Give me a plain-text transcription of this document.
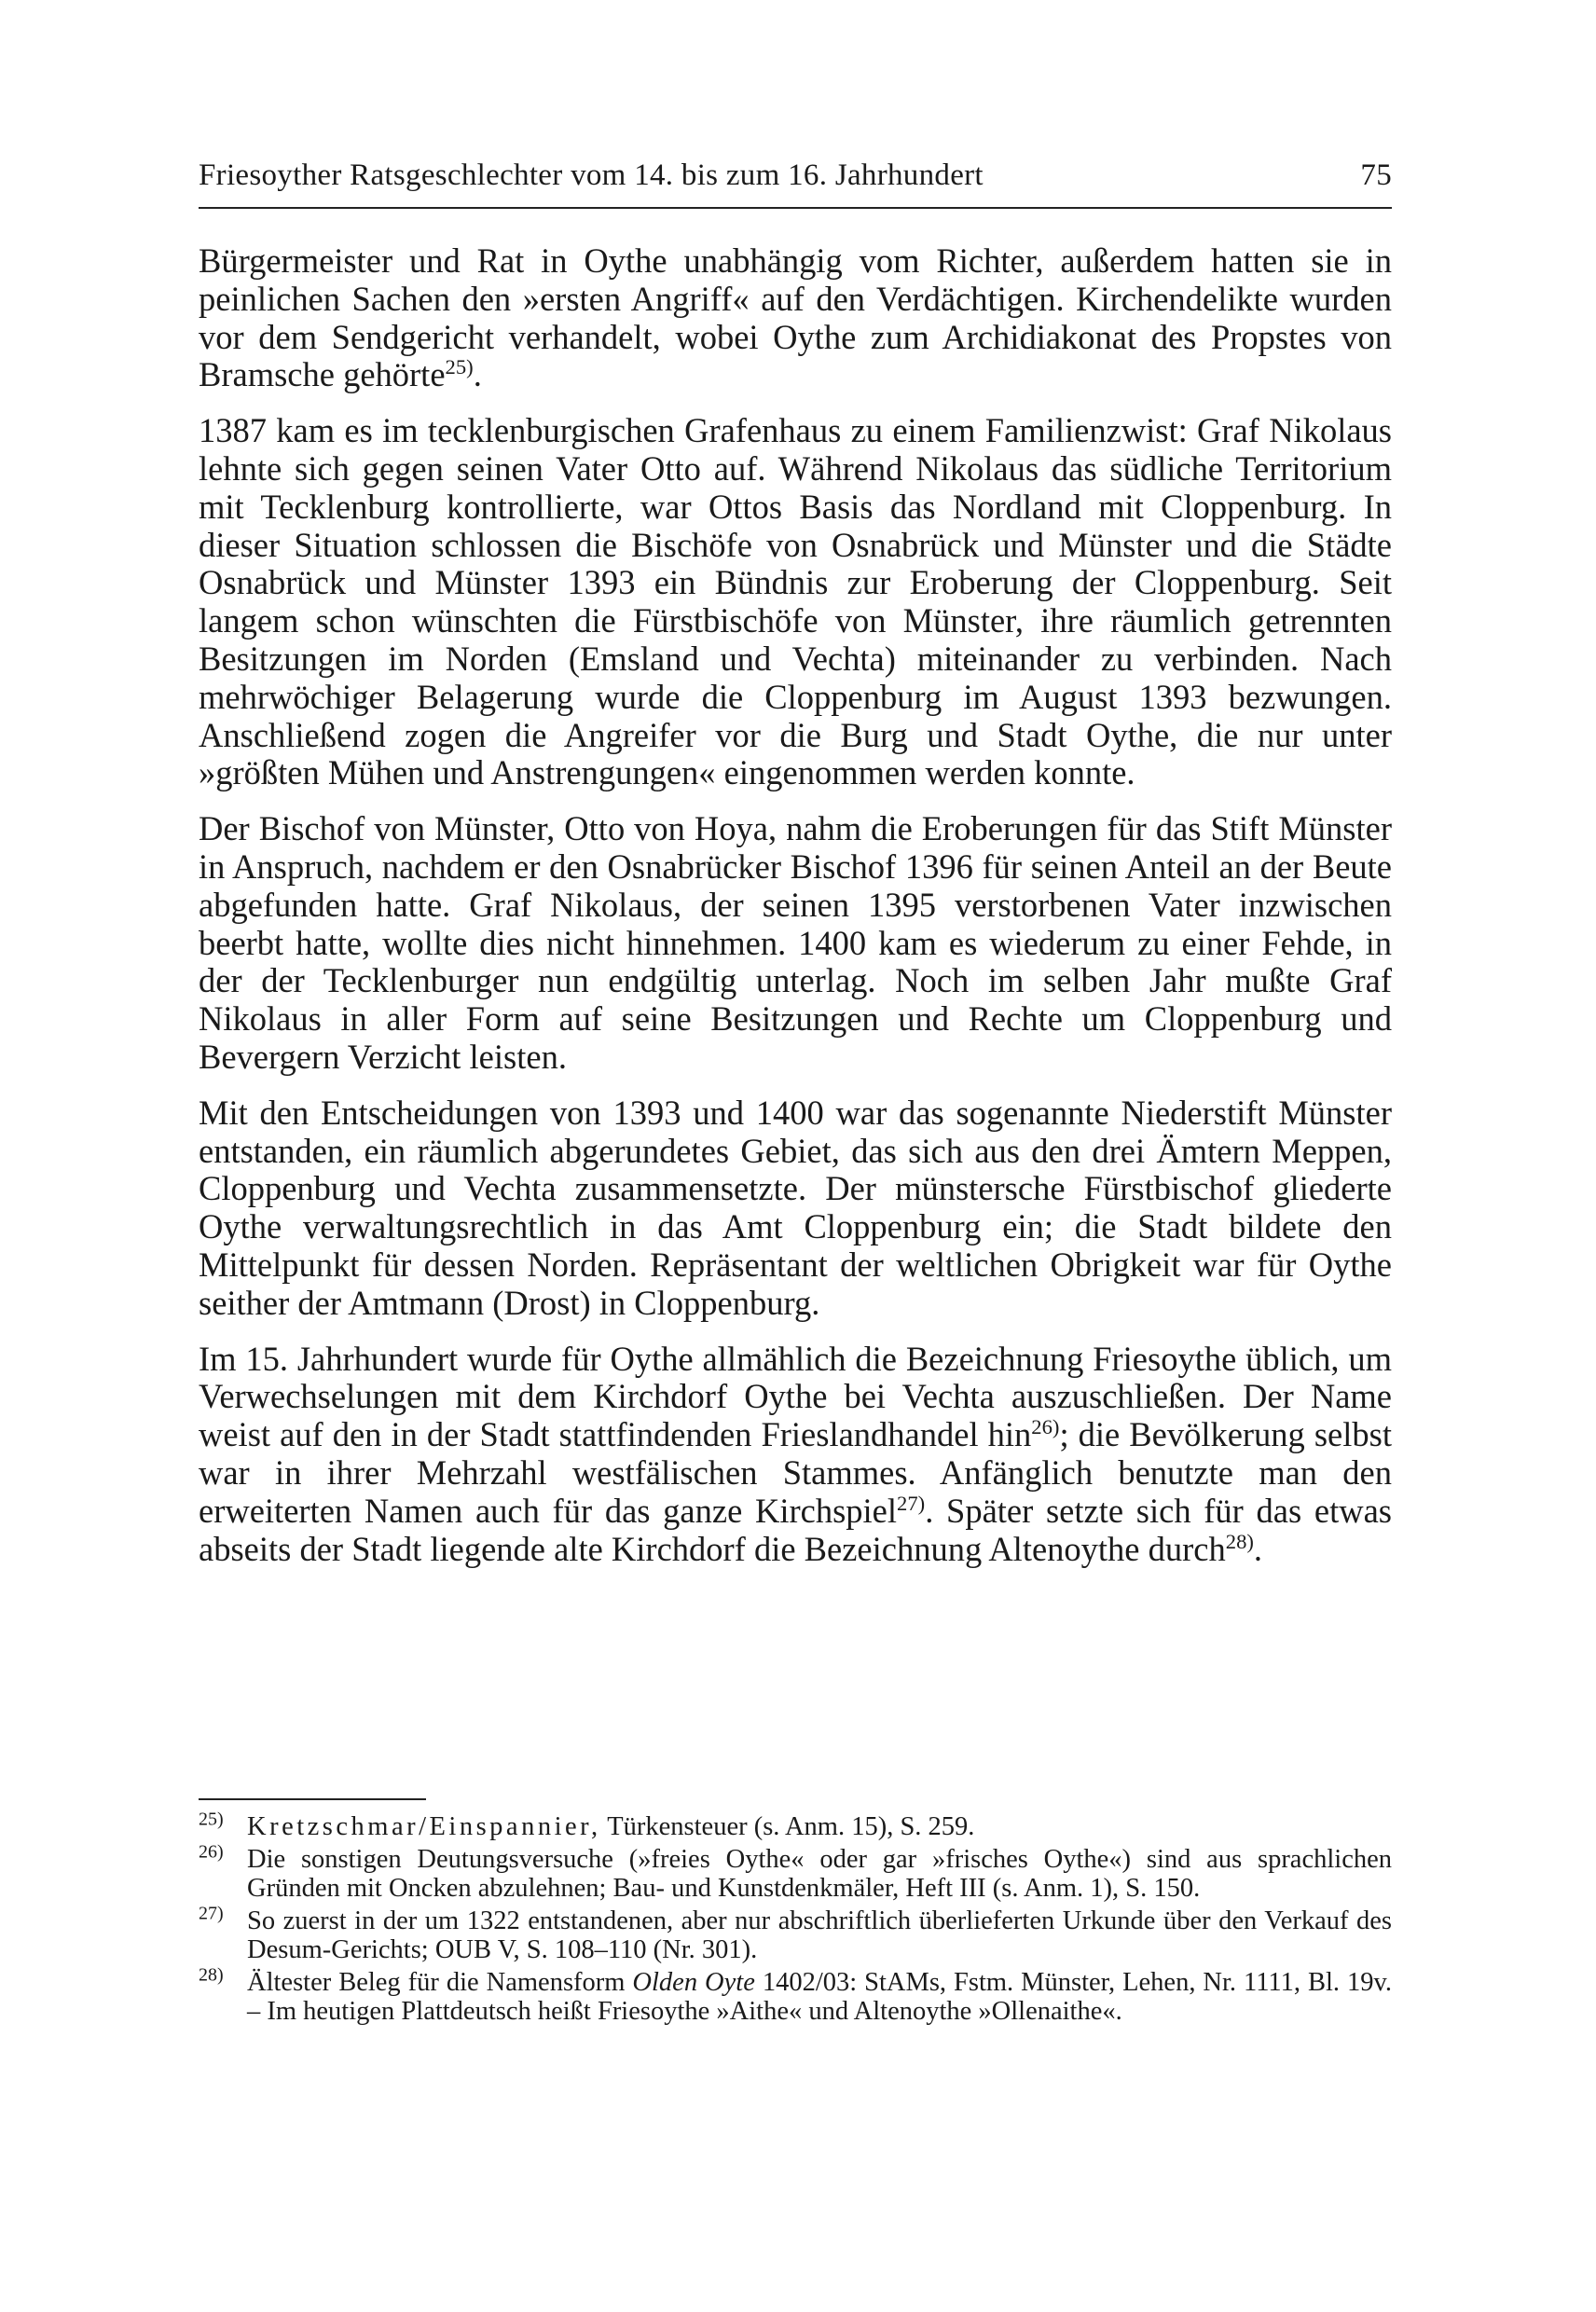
Friesoyther Ratsgeschlechter vom 14. bis zum 16. Jahrhundert	75

Bürgermeister und Rat in Oythe unabhängig vom Richter, außerdem hatten sie in peinlichen Sachen den »ersten Angriff« auf den Verdächtigen. Kirchendelikte wurden vor dem Sendgericht verhandelt, wobei Oythe zum Archidiakonat des Propstes von Bramsche gehörte$^{25)}$.

1387 kam es im tecklenburgischen Grafenhaus zu einem Familienzwist: Graf Nikolaus lehnte sich gegen seinen Vater Otto auf. Während Nikolaus das südliche Territorium mit Tecklenburg kontrollierte, war Ottos Basis das Nordland mit Cloppenburg. In dieser Situation schlossen die Bischöfe von Osnabrück und Münster und die Städte Osnabrück und Münster 1393 ein Bündnis zur Eroberung der Cloppenburg. Seit langem schon wünschten die Fürstbischöfe von Münster, ihre räumlich getrennten Besitzungen im Norden (Emsland und Vechta) miteinander zu verbinden. Nach mehrwöchiger Belagerung wurde die Cloppenburg im August 1393 bezwungen. Anschließend zogen die Angreifer vor die Burg und Stadt Oythe, die nur unter »größten Mühen und Anstrengungen« eingenommen werden konnte.

Der Bischof von Münster, Otto von Hoya, nahm die Eroberungen für das Stift Münster in Anspruch, nachdem er den Osnabrücker Bischof 1396 für seinen Anteil an der Beute abgefunden hatte. Graf Nikolaus, der seinen 1395 verstorbenen Vater inzwischen beerbt hatte, wollte dies nicht hinnehmen. 1400 kam es wiederum zu einer Fehde, in der der Tecklenburger nun endgültig unterlag. Noch im selben Jahr mußte Graf Nikolaus in aller Form auf seine Besitzungen und Rechte um Cloppenburg und Bevergern Verzicht leisten.

Mit den Entscheidungen von 1393 und 1400 war das sogenannte Niederstift Münster entstanden, ein räumlich abgerundetes Gebiet, das sich aus den drei Ämtern Meppen, Cloppenburg und Vechta zusammensetzte. Der münstersche Fürstbischof gliederte Oythe verwaltungsrechtlich in das Amt Cloppenburg ein; die Stadt bildete den Mittelpunkt für dessen Norden. Repräsentant der weltlichen Obrigkeit war für Oythe seither der Amtmann (Drost) in Cloppenburg.

Im 15. Jahrhundert wurde für Oythe allmählich die Bezeichnung Friesoythe üblich, um Verwechselungen mit dem Kirchdorf Oythe bei Vechta auszuschließen. Der Name weist auf den in der Stadt stattfindenden Frieslandhandel hin$^{26)}$; die Bevölkerung selbst war in ihrer Mehrzahl westfälischen Stammes. Anfänglich benutzte man den erweiterten Namen auch für das ganze Kirchspiel$^{27)}$. Später setzte sich für das etwas abseits der Stadt liegende alte Kirchdorf die Bezeichnung Altenoythe durch$^{28)}$.

$^{25)}$ Kretzschmar/Einspannier, Türkensteuer (s. Anm. 15), S. 259.
$^{26)}$ Die sonstigen Deutungsversuche (»freies Oythe« oder gar »frisches Oythe«) sind aus sprachlichen Gründen mit Oncken abzulehnen; Bau- und Kunstdenkmäler, Heft III (s. Anm. 1), S. 150.
$^{27)}$ So zuerst in der um 1322 entstandenen, aber nur abschriftlich überlieferten Urkunde über den Verkauf des Desum-Gerichts; OUB V, S. 108–110 (Nr. 301).
$^{28)}$ Ältester Beleg für die Namensform Olden Oyte 1402/03: StAMs, Fstm. Münster, Lehen, Nr. 1111, Bl. 19v. – Im heutigen Plattdeutsch heißt Friesoythe »Aithe« und Altenoythe »Ollenaithe«.
